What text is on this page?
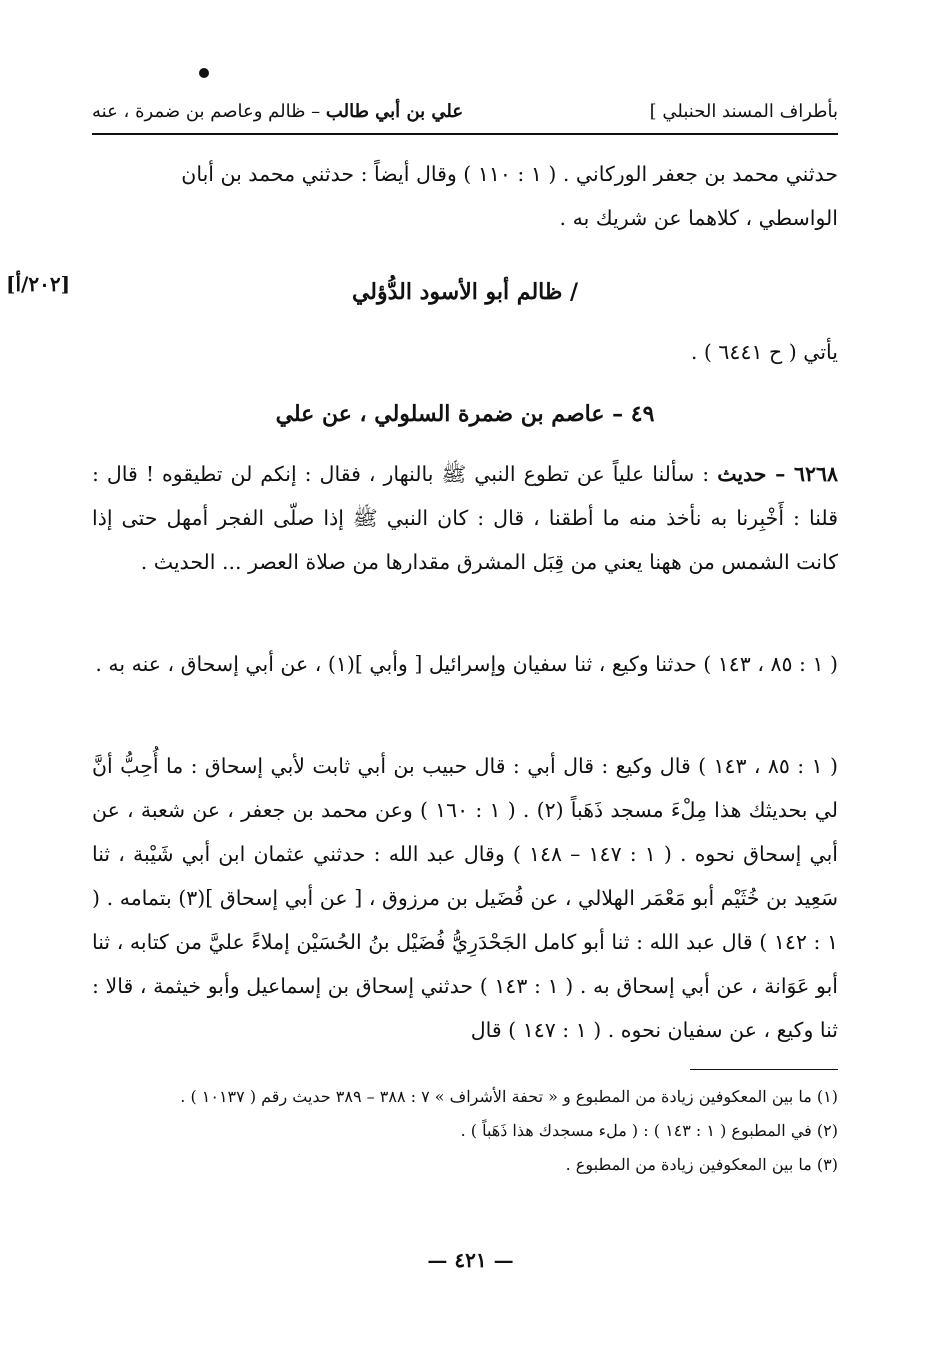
بأطراف المسند الحنبلي ]
علي بن أبي طالب – ظالم وعاصم بن ضمرة ، عنه
حدثني محمد بن جعفر الوركاني . ( ١ : ١١٠ ) وقال أيضاً : حدثني محمد بن أبان
الواسطي ، كلاهما عن شريك به .
[٢٠٢/أ]	/ ظالم أبو الأسود الدُّؤلي
يأتي ( ح ٦٤٤١ ) .
٤٩ – عاصم بن ضمرة السلولي ، عن علي
٦٢٦٨ – حديث : سألنا علياً عن تطوع النبي ﷺ بالنهار ، فقال : إنكم لن تطيقوه ! قال : قلنا : أَخْبِرنا به نأخذ منه ما أطقنا ، قال : كان النبي ﷺ إذا صلّى الفجر أمهل حتى إذا كانت الشمس من ههنا يعني من قِبَل المشرق مقدارها من صلاة العصر ... الحديث .
( ١ : ٨٥ ، ١٤٣ ) حدثنا وكيع ، ثنا سفيان وإسرائيل [ وأبي ](١) ، عن أبي إسحاق ، عنه به .
( ١ : ٨٥ ، ١٤٣ ) قال وكيع : قال أبي : قال حبيب بن أبي ثابت لأبي إسحاق : ما أُحِبُّ أنَّ لي بحديثك هذا مِلْءَ مسجد ذَهَباً (٢) . ( ١ : ١٦٠ ) وعن محمد بن جعفر ، عن شعبة ، عن أبي إسحاق نحوه . ( ١ : ١٤٧ – ١٤٨ ) وقال عبد الله : حدثني عثمان ابن أبي شَيْبة ، ثنا سَعِيد بن خُثَيْم أبو مَعْمَر الهلالي ، عن فُضَيل بن مرزوق ، [ عن أبي إسحاق ](٣) بتمامه . ( ١ : ١٤٢ ) قال عبد الله : ثنا أبو كامل الجَحْدَرِيُّ فُضَيْل بنُ الحُسَيْن إملاءً عليَّ من كتابه ، ثنا أبو عَوَانة ، عن أبي إسحاق به . ( ١ : ١٤٣ ) حدثني إسحاق بن إسماعيل وأبو خيثمة ، قالا : ثنا وكيع ، عن سفيان نحوه . ( ١ : ١٤٧ ) قال
(١) ما بين المعكوفين زيادة من المطبوع و « تحفة الأشراف » ٧ : ٣٨٨ – ٣٨٩ حديث رقم ( ١٠١٣٧ ) .
(٢) في المطبوع ( ١ : ١٤٣ ) : ( ملء مسجدك هذا ذَهَباً ) .
(٣) ما بين المعكوفين زيادة من المطبوع .
— ٤٢١ —
